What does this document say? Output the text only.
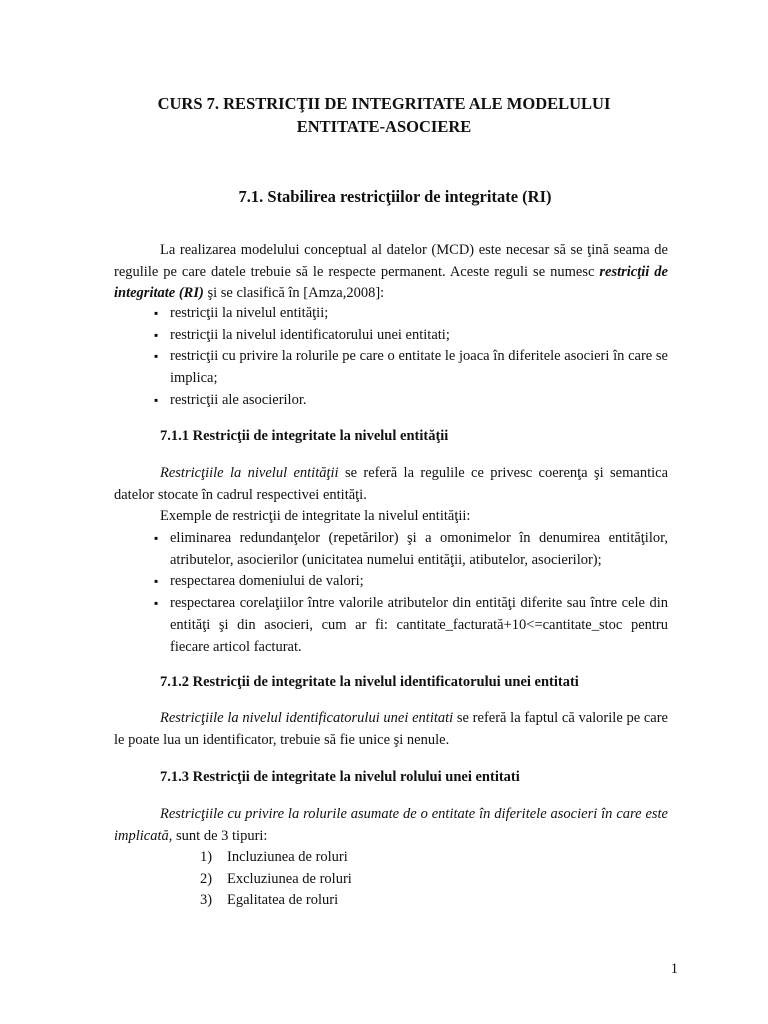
CURS 7. RESTRICŢII DE INTEGRITATE ALE MODELULUI
ENTITATE-ASOCIERE
7.1. Stabilirea restricţiilor de integritate (RI)
La realizarea modelului conceptual al datelor (MCD) este necesar să se ţină seama de regulile pe care datele trebuie să le respecte permanent. Aceste reguli se numesc restricţii de integritate (RI) şi se clasifică în [Amza,2008]:
▪ restricţii la nivelul entităţii;
▪ restricţii la nivelul identificatorului unei entitati;
▪ restricţii cu privire la rolurile pe care o entitate le joaca în diferitele asocieri în care se implica;
▪ restricţii ale asocierilor.
7.1.1 Restricţii de integritate la nivelul entităţii
Restricţiile la nivelul entităţii se referă la regulile ce privesc coerenţa şi semantica datelor stocate în cadrul respectivei entităţi.
Exemple de restricţii de integritate la nivelul entităţii:
▪ eliminarea redundanţelor (repetărilor) şi a omonimelor în denumirea entităţilor, atributelor, asocierilor (unicitatea numelui entităţii, atibutelor, asocierilor);
▪ respectarea domeniului de valori;
▪ respectarea corelaţiilor între valorile atributelor din entităţi diferite sau între cele din entităţi şi din asocieri, cum ar fi: cantitate_facturată+10<=cantitate_stoc pentru fiecare articol facturat.
7.1.2 Restricţii de integritate la nivelul identificatorului unei entitati
Restricţiile la nivelul identificatorului unei entitati se referă la faptul că valorile pe care le poate lua un identificator, trebuie să fie unice şi nenule.
7.1.3 Restricţii de integritate la nivelul rolului unei entitati
Restricţiile cu privire la rolurile asumate de o entitate în diferitele asocieri în care este implicată, sunt de 3 tipuri:
1) Incluziunea de roluri
2) Excluziunea de roluri
3) Egalitatea de roluri
1
